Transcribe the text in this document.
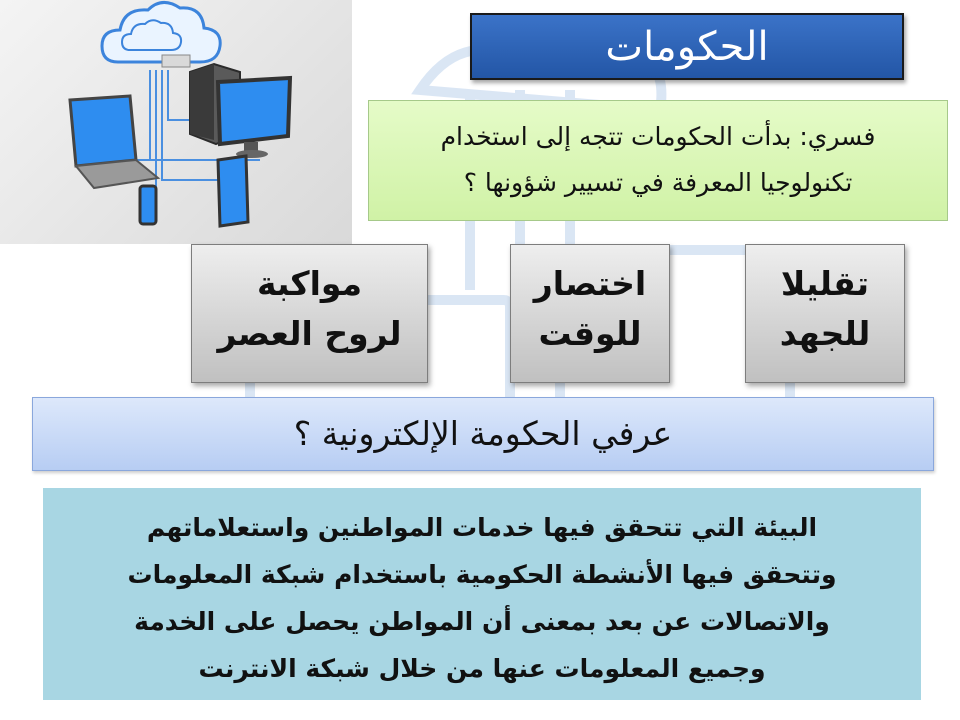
الحكومات
فسري: بدأت الحكومات تتجه إلى استخدام
تكنولوجيا المعرفة في تسيير شؤونها ؟
تقليلا
للجهد
اختصار
للوقت
مواكبة
لروح العصر
عرفي الحكومة الإلكترونية ؟
البيئة التي تتحقق فيها خدمات المواطنين واستعلاماتهم
وتتحقق فيها الأنشطة الحكومية باستخدام شبكة المعلومات
والاتصالات عن بعد بمعنى أن المواطن يحصل على الخدمة
وجميع المعلومات عنها من خلال شبكة الانترنت
